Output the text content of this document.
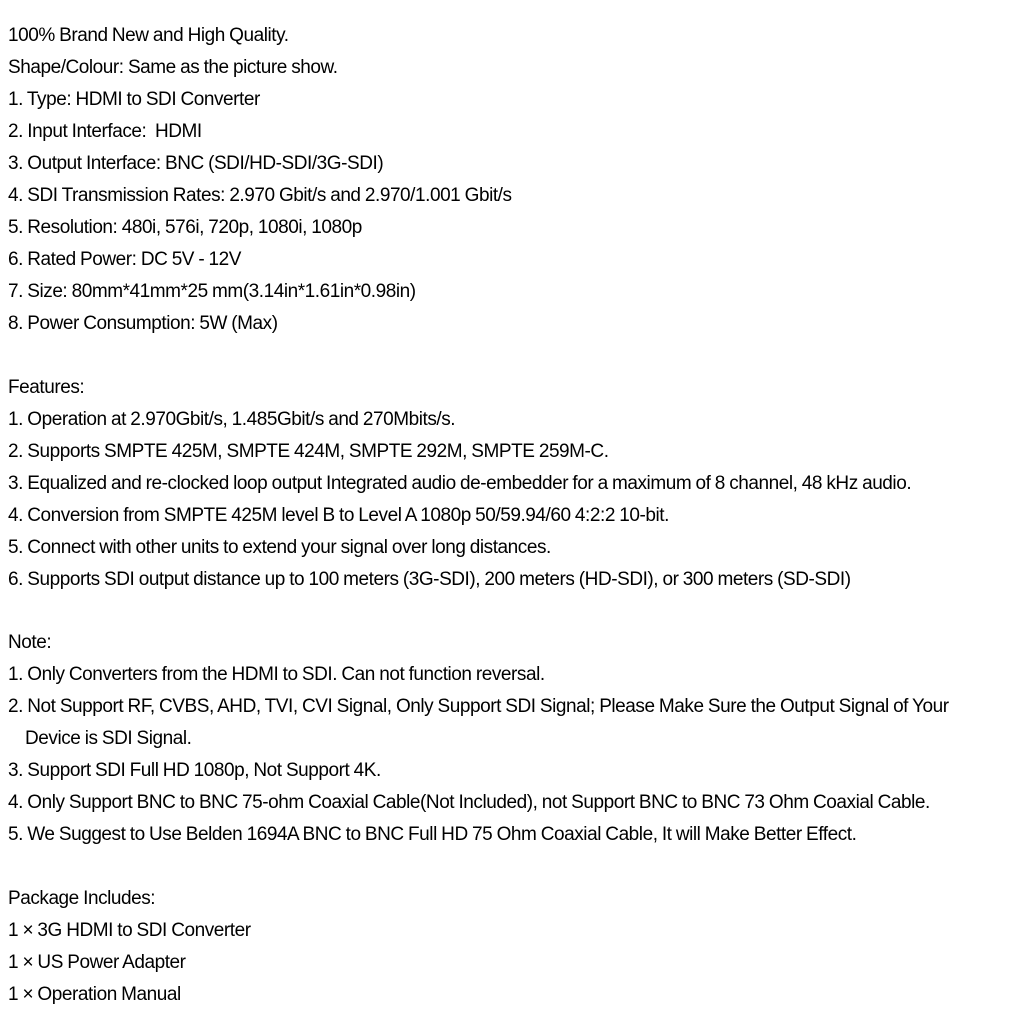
100% Brand New and High Quality.
Shape/Colour: Same as the picture show.
1. Type: HDMI to SDI Converter
2. Input Interface:  HDMI
3. Output Interface: BNC (SDI/HD-SDI/3G-SDI)
4. SDI Transmission Rates: 2.970 Gbit/s and 2.970/1.001 Gbit/s
5. Resolution: 480i, 576i, 720p, 1080i, 1080p
6. Rated Power: DC 5V - 12V
7. Size: 80mm*41mm*25 mm(3.14in*1.61in*0.98in)
8. Power Consumption: 5W (Max)
Features:
1. Operation at 2.970Gbit/s, 1.485Gbit/s and 270Mbits/s.
2. Supports SMPTE 425M, SMPTE 424M, SMPTE 292M, SMPTE 259M-C.
3. Equalized and re-clocked loop output Integrated audio de-embedder for a maximum of 8 channel, 48 kHz audio.
4. Conversion from SMPTE 425M level B to Level A 1080p 50/59.94/60 4:2:2 10-bit.
5. Connect with other units to extend your signal over long distances.
6. Supports SDI output distance up to 100 meters (3G-SDI), 200 meters (HD-SDI), or 300 meters (SD-SDI)
Note:
1. Only Converters from the HDMI to SDI. Can not function reversal.
2. Not Support RF, CVBS, AHD, TVI, CVI Signal, Only Support SDI Signal; Please Make Sure the Output Signal of Your
Device is SDI Signal.
3. Support SDI Full HD 1080p, Not Support 4K.
4. Only Support BNC to BNC 75-ohm Coaxial Cable(Not Included), not Support BNC to BNC 73 Ohm Coaxial Cable.
5. We Suggest to Use Belden 1694A BNC to BNC Full HD 75 Ohm Coaxial Cable, It will Make Better Effect.
Package Includes:
1 × 3G HDMI to SDI Converter
1 × US Power Adapter
1 × Operation Manual
